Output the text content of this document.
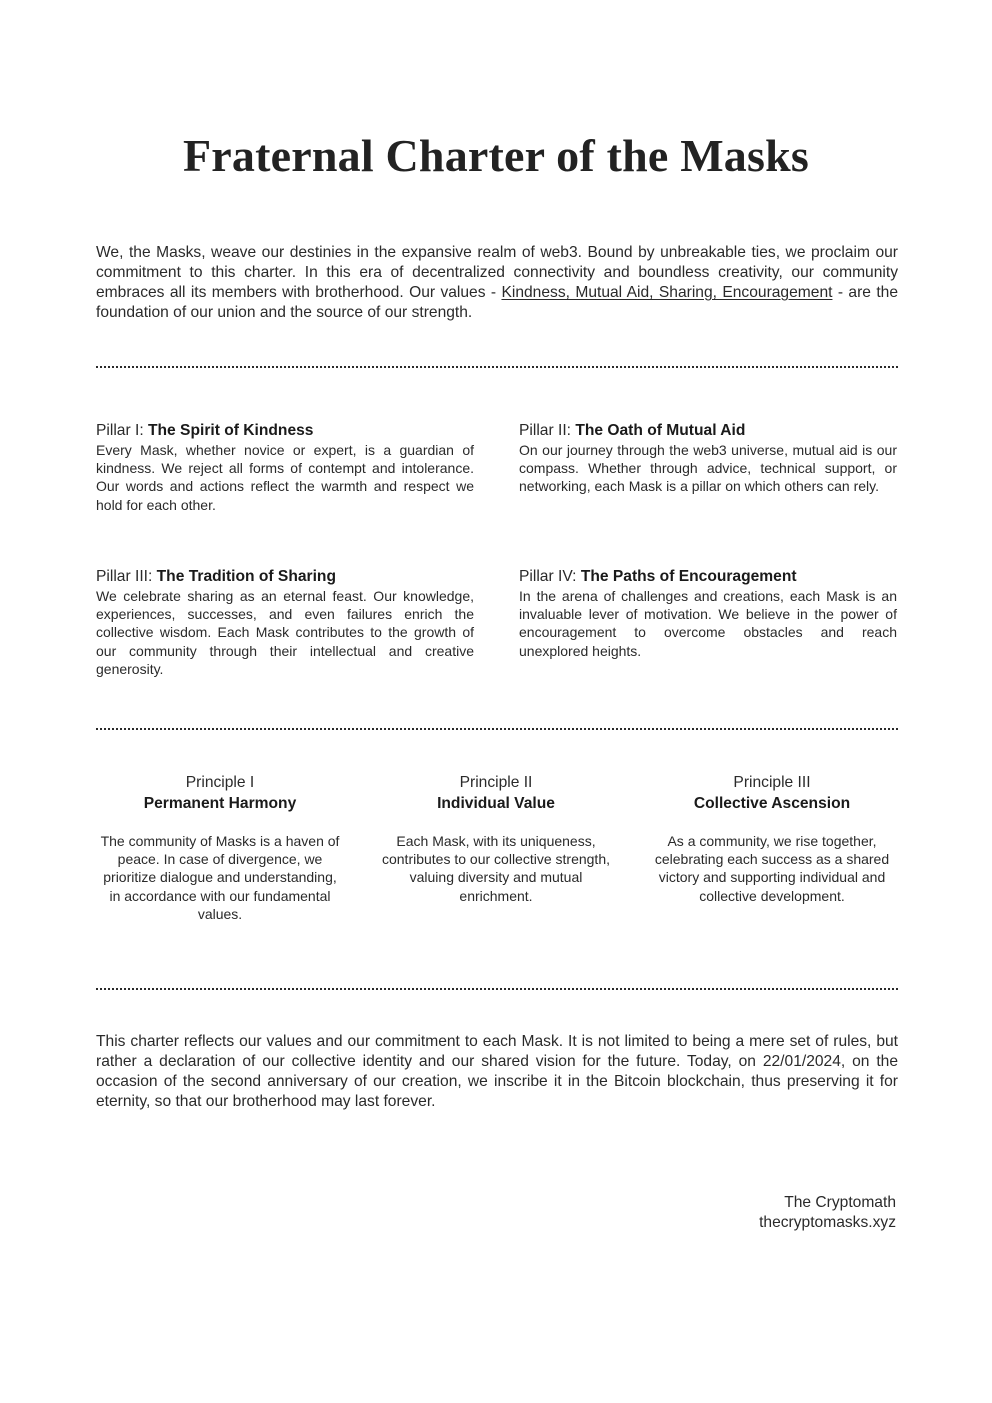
Fraternal Charter of the Masks

We, the Masks, weave our destinies in the expansive realm of web3. Bound by unbreakable ties, we proclaim our commitment to this charter. In this era of decentralized connectivity and boundless creativity, our community embraces all its members with brotherhood. Our values - Kindness, Mutual Aid, Sharing, Encouragement - are the foundation of our union and the source of our strength.

Pillar I: The Spirit of Kindness

Every Mask, whether novice or expert, is a guardian of kindness. We reject all forms of contempt and intolerance. Our words and actions reflect the warmth and respect we hold for each other.

Pillar II: The Oath of Mutual Aid

On our journey through the web3 universe, mutual aid is our compass. Whether through advice, technical support, or networking, each Mask is a pillar on which others can rely.

Pillar III: The Tradition of Sharing

We celebrate sharing as an eternal feast. Our knowledge, experiences, successes, and even failures enrich the collective wisdom. Each Mask contributes to the growth of our community through their intellectual and creative generosity.

Pillar IV: The Paths of Encouragement

In the arena of challenges and creations, each Mask is an invaluable lever of motivation. We believe in the power of encouragement to overcome obstacles and reach unexplored heights.

Principle I
Permanent Harmony

The community of Masks is a haven of peace. In case of divergence, we prioritize dialogue and understanding, in accordance with our fundamental values.

Principle II
Individual Value

Each Mask, with its uniqueness, contributes to our collective strength, valuing diversity and mutual enrichment.

Principle III
Collective Ascension

As a community, we rise together, celebrating each success as a shared victory and supporting individual and collective development.

This charter reflects our values and our commitment to each Mask. It is not limited to being a mere set of rules, but rather a declaration of our collective identity and our shared vision for the future. Today, on 22/01/2024, on the occasion of the second anniversary of our creation, we inscribe it in the Bitcoin blockchain, thus preserving it for eternity, so that our brotherhood may last forever.

The Cryptomath
thecryptomasks.xyz
